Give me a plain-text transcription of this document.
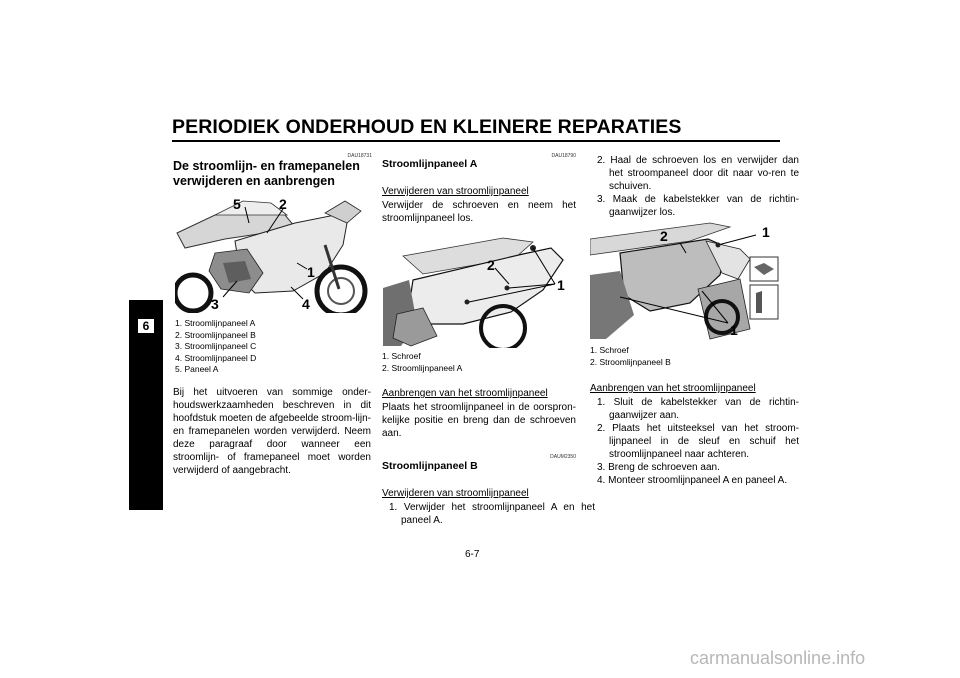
PERIODIEK ONDERHOUD EN KLEINERE REPARATIES
6
DAU18731
De stroomlijn- en framepanelen verwijderen en aanbrengen
5	2
1
3	4
1. Stroomlijnpaneel A
2. Stroomlijnpaneel B
3. Stroomlijnpaneel C
4. Stroomlijnpaneel D
5. Paneel A
Bij het uitvoeren van sommige onder-houdswerkzaamheden beschreven in dit hoofdstuk moeten de afgebeelde stroom-lijn- en framepanelen worden verwijderd. Neem deze paragraaf door wanneer een stroomlijn- of framepaneel moet worden verwijderd of aangebracht.
DAU18790
Stroomlijnpaneel A
Verwijderen van stroomlijnpaneel
Verwijder de schroeven en neem het stroomlijnpaneel los.
2
1
1. Schroef
2. Stroomlijnpaneel A
Aanbrengen van het stroomlijnpaneel
Plaats het stroomlijnpaneel in de oorspron-kelijke positie en breng dan de schroeven aan.
DAUM2350
Stroomlijnpaneel B
Verwijderen van stroomlijnpaneel
1. Verwijder het stroomlijnpaneel A en het paneel A.
2. Haal de schroeven los en verwijder dan het stroompaneel door dit naar vo-ren te schuiven.
3. Maak de kabelstekker van de richtin-gaanwijzer los.
2	1
1
1. Schroef
2. Stroomlijnpaneel B
Aanbrengen van het stroomlijnpaneel
1. Sluit de kabelstekker van de richtin-gaanwijzer aan.
2. Plaats het uitsteeksel van het stroom-lijnpaneel in de sleuf en schuif het stroomlijnpaneel naar achteren.
3. Breng de schroeven aan.
4. Monteer stroomlijnpaneel A en paneel A.
6-7
carmanualsonline.info
